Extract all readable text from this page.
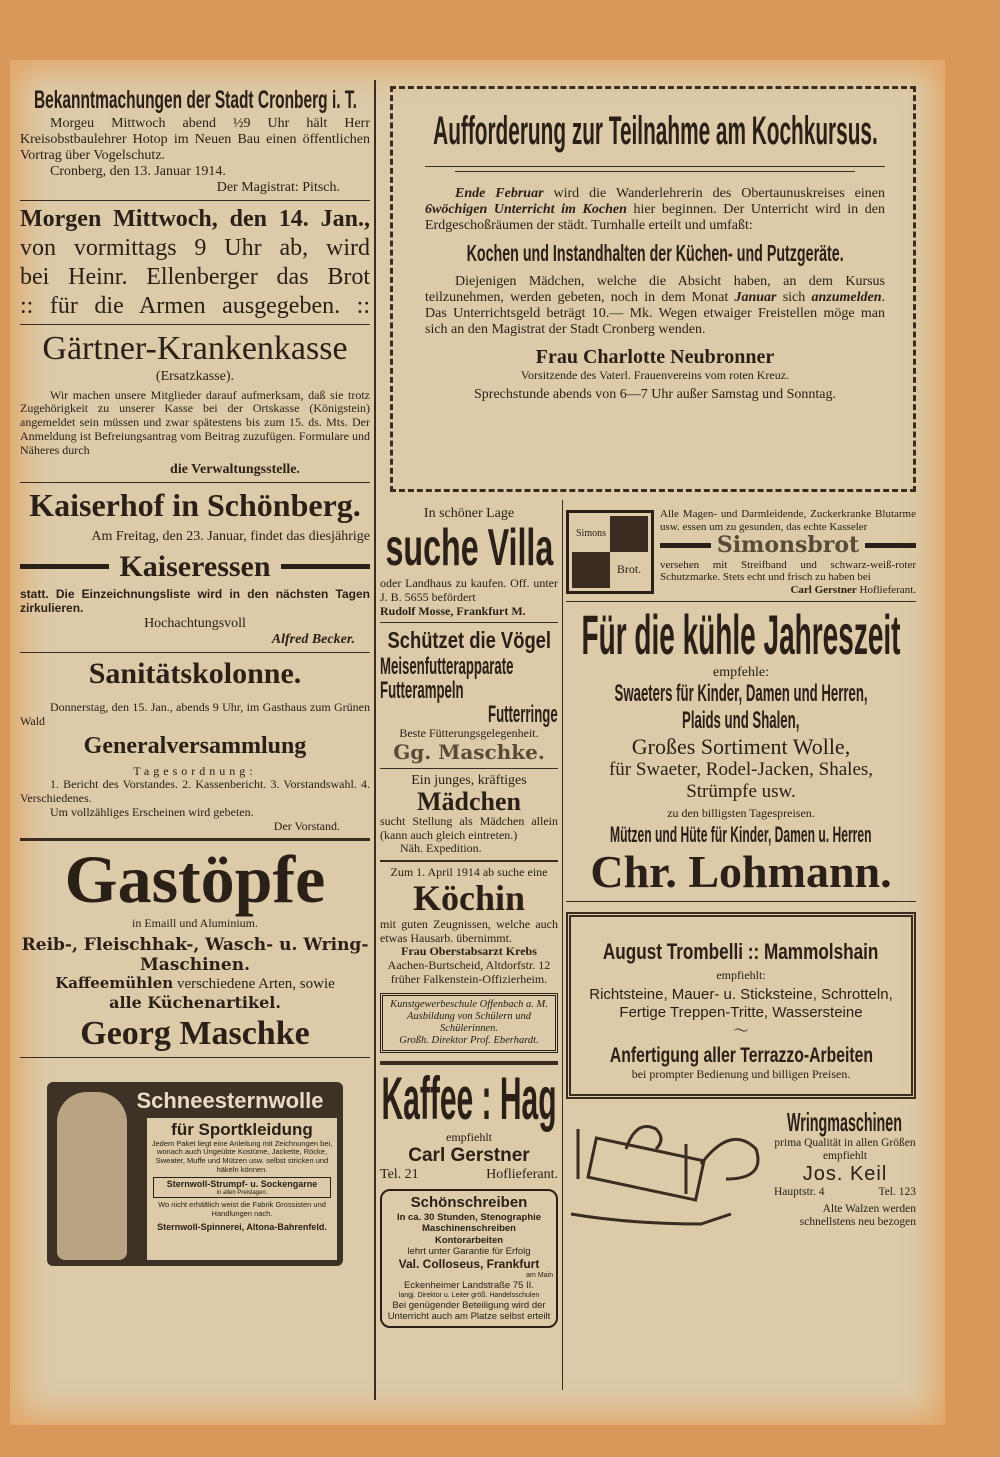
Bekanntmachungen der Stadt Cronberg i. T.

Morgeu Mittwoch abend ½9 Uhr hält Herr Kreisobstbaulehrer Hotop im Neuen Bau einen öffentlichen Vortrag über Vogelschutz.

Cronberg, den 13. Januar 1914.

Der Magistrat: Pitsch.

Morgen Mittwoch, den 14. Jan.,

von vormittags 9 Uhr ab, wird

bei Heinr. Ellenberger das Brot

:: für die Armen ausgegeben. ::

Gärtner-Krankenkasse

(Ersatzkasse).

Wir machen unsere Mitglieder darauf aufmerksam, daß sie trotz Zugehörigkeit zu unserer Kasse bei der Ortskasse (Königstein) angemeldet sein müssen und zwar spätestens bis zum 15. ds. Mts. Der Anmeldung ist Befreiungsantrag vom Beitrag zuzufügen. Formulare und Näheres durch

die Verwaltungsstelle.

Kaiserhof in Schönberg.

Am Freitag, den 23. Januar, findet das diesjährige

Kaiseressen

statt. Die Einzeichnungsliste wird in den nächsten Tagen zirkulieren.

Hochachtungsvoll

Alfred Becker.

Sanitätskolonne.

Donnerstag, den 15. Jan., abends 9 Uhr, im Gasthaus zum Grünen Wald

Generalversammlung

Tagesordnung:

1. Bericht des Vorstandes. 2. Kassenbericht. 3. Vorstandswahl. 4. Verschiedenes.

Um vollzähliges Erscheinen wird gebeten.

Der Vorstand.

Gastöpfe

in Emaill und Aluminium.

Reib-, Fleischhak-, Wasch- u. Wring-Maschinen.

Kaffeemühlen verschiedene Arten, sowie

alle Küchenartikel.

Georg Maschke

Schneesternwolle

für Sportkleidung

Jedem Paket liegt eine Anleitung mit Zeichnungen bei, wonach auch Ungeübte Kostüme, Jackette, Röcke, Sweater, Muffe und Mützen usw. selbst stricken und häkeln können.

Sternwoll-Strumpf- u. Sockengarne

in allen Preislagen.

Wo nicht erhältlich weist die Fabrik Grossisten und Handlungen nach.

Sternwoll-Spinnerei, Altona-Bahrenfeld.

Aufforderung zur Teilnahme am Kochkursus.

Ende Februar wird die Wanderlehrerin des Obertaunuskreises einen 6wöchigen Unterricht im Kochen hier beginnen. Der Unterricht wird in den Erdgeschoßräumen der städt. Turnhalle erteilt und umfaßt:

Kochen und Instandhalten der Küchen- und Putzgeräte.

Diejenigen Mädchen, welche die Absicht haben, an dem Kursus teilzunehmen, werden gebeten, noch in dem Monat Januar sich anzumelden. Das Unterrichtsgeld beträgt 10.— Mk. Wegen etwaiger Freistellen möge man sich an den Magistrat der Stadt Cronberg wenden.

Frau Charlotte Neubronner

Vorsitzende des Vaterl. Frauenvereins vom roten Kreuz.

Sprechstunde abends von 6—7 Uhr außer Samstag und Sonntag.

In schöner Lage

suche Villa

oder Landhaus zu kaufen. Off. unter J. B. 5655 befördert

Rudolf Mosse, Frankfurt M.

Schützet die Vögel
Meisenfutterapparate
Futterampeln
Futterringe

Beste Fütterungsgelegenheit.

Gg. Maschke.

Ein junges, kräftiges

Mädchen

sucht Stellung als Mädchen allein (kann auch gleich eintreten.)

Näh. Expedition.

Zum 1. April 1914 ab suche eine

Köchin

mit guten Zeugnissen, welche auch etwas Hausarb. übernimmt.

Frau Oberstabsarzt Krebs

Aachen-Burtscheid, Altdorfstr. 12

früher Falkenstein-Offizierheim.

Kunstgewerbeschule Offenbach a. M.

Ausbildung von Schülern und

Schülerinnen.

Großh. Direktor Prof. Eberhardt.

Kaffee : Hag

empfiehlt

Carl Gerstner

Tel. 21	Hoflieferant.

Schönschreiben

In ca. 30 Stunden, Stenographie

Maschinenschreiben

Kontorarbeiten

lehrt unter Garantie für Erfolg

Val. Colloseus, Frankfurt

am Main

Eckenheimer Landstraße 75 II.

langj. Direktor u. Leiter größ. Handelsschulen

Bei genügender Beteiligung wird der Unterricht auch am Platze selbst erteilt

Simons
Brot.

Alle Magen- und Darmleidende, Zuckerkranke Blutarme usw. essen um zu gesunden, das echte Kasseler

Simonsbrot

versehen mit Streifband und schwarz-weiß-roter Schutzmarke. Stets echt und frisch zu haben bei

Carl Gerstner Hoflieferant.

Für die kühle Jahreszeit

empfehle:

Swaeters für Kinder, Damen und Herren,
Plaids und Shalen,

Großes Sortiment Wolle,

für Swaeter, Rodel-Jacken, Shales,

Strümpfe usw.

zu den billigsten Tagespreisen.

Mützen und Hüte für Kinder, Damen u. Herren

Chr. Lohmann.

August Trombelli :: Mammolshain

empfiehlt:

Richtsteine, Mauer- u. Sticksteine, Schrotteln,

Fertige Treppen-Tritte, Wassersteine

〜

Anfertigung aller Terrazzo-Arbeiten

bei prompter Bedienung und billigen Preisen.

Wringmaschinen

prima Qualität in allen Größen empfiehlt

Jos. Keil

Hauptstr. 4	Tel. 123

Alte Walzen werden schnellstens neu bezogen
